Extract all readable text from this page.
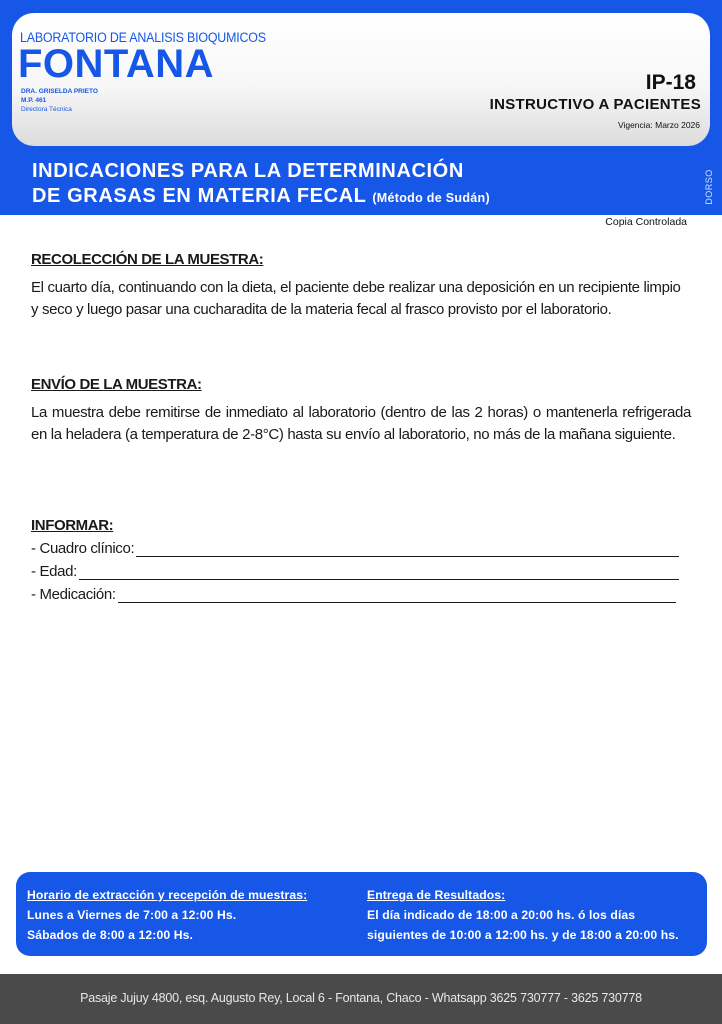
LABORATORIO DE ANALISIS BIOQUMICOS
FONTANA
DRA. GRISELDA PRIETO
M.P. 461
Directora Técnica
IP-18
INSTRUCTIVO A PACIENTES
Vigencia: Marzo 2026
INDICACIONES PARA LA DETERMINACIÓN
DE GRASAS EN MATERIA FECAL (Método de Sudán)	DORSO
Copia Controlada
RECOLECCIÓN DE LA MUESTRA:
El cuarto día, continuando con la dieta, el paciente debe realizar una deposición en un recipiente limpio y seco y luego pasar una cucharadita de la materia fecal al frasco provisto por el laboratorio.
ENVÍO DE LA MUESTRA:
La muestra debe remitirse de inmediato al laboratorio (dentro de las 2 horas) o mantenerla refrigerada en la heladera (a temperatura de 2-8°C) hasta su envío al laboratorio, no más de la mañana siguiente.
INFORMAR:
- Cuadro clínico:
- Edad:
- Medicación:
Horario de extracción y recepción de muestras:
Lunes a Viernes de 7:00 a 12:00 Hs.
Sábados de 8:00 a 12:00 Hs.
Entrega de Resultados:
El día indicado de 18:00 a 20:00 hs. ó los días
siguientes de 10:00 a 12:00 hs. y de 18:00 a 20:00 hs.
Pasaje Jujuy 4800, esq. Augusto Rey, Local 6 - Fontana, Chaco - Whatsapp 3625 730777 - 3625 730778
